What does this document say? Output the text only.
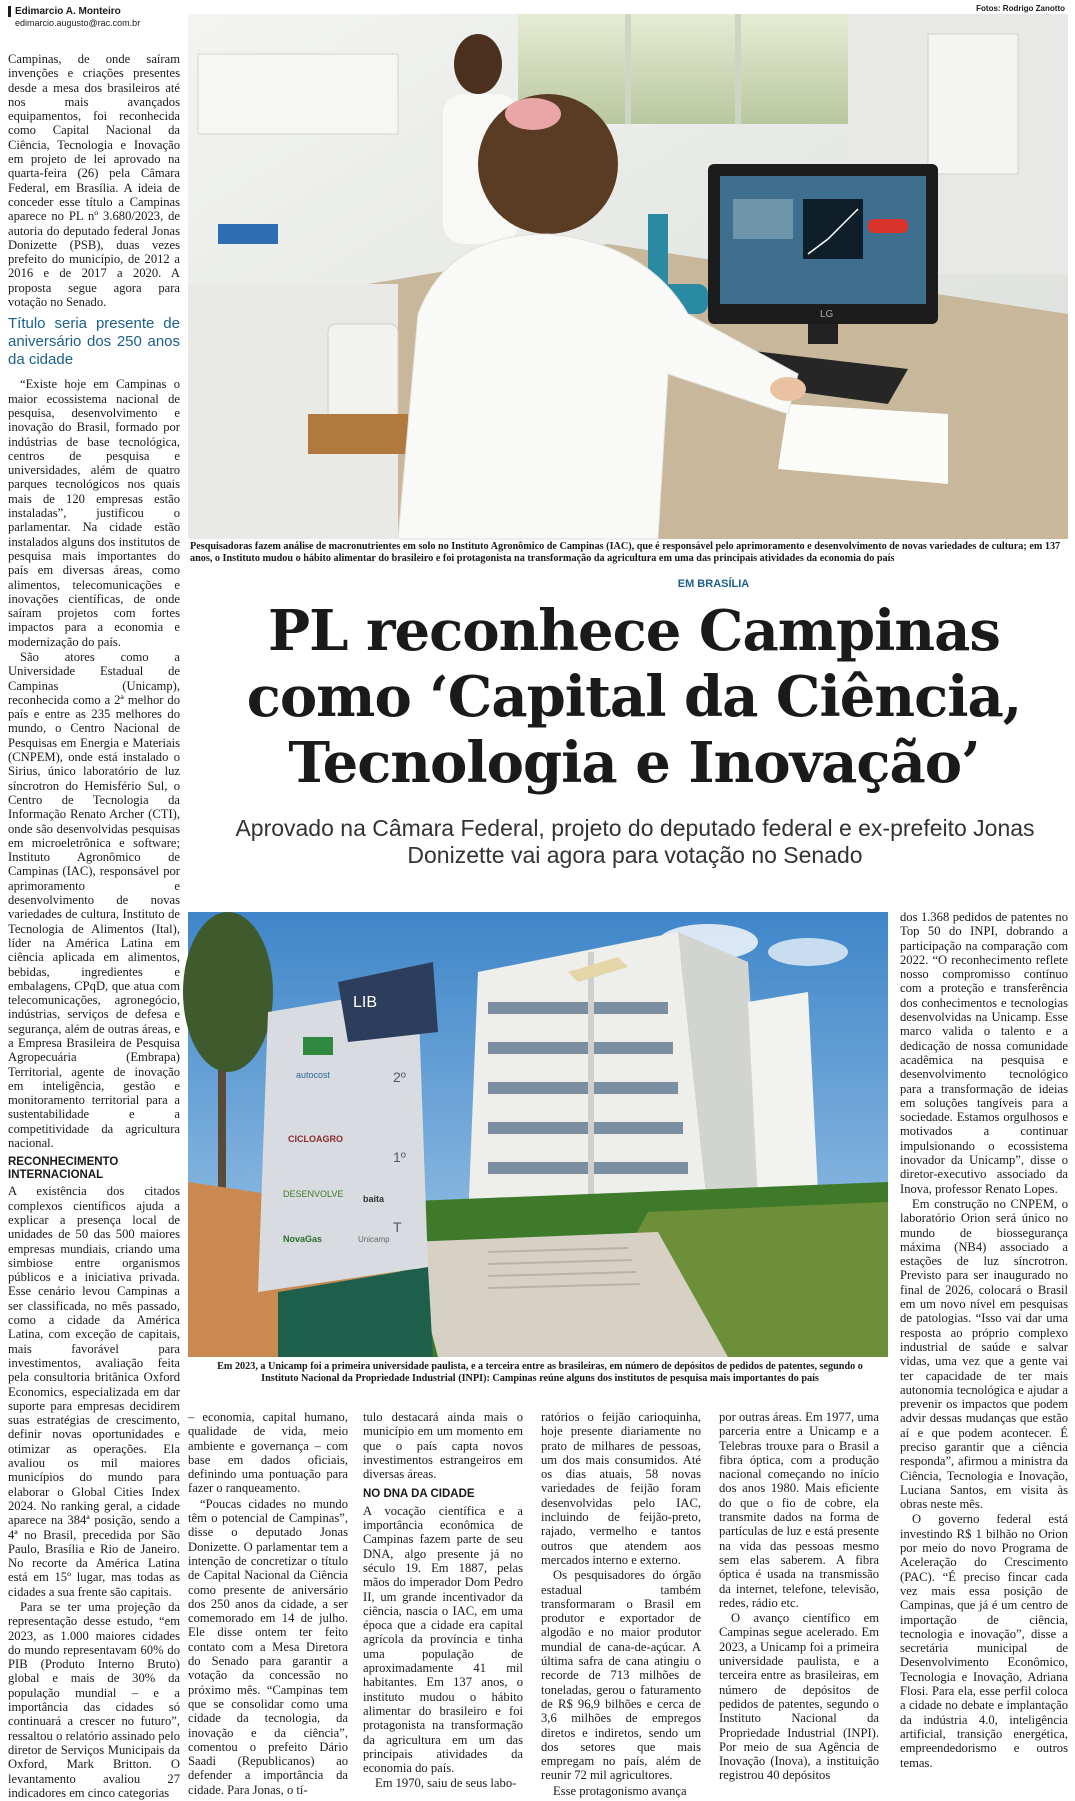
Edimarcio A. Monteiro
edimarcio.augusto@rac.com.br
Fotos: Rodrigo Zanotto

Campinas, de onde saíram invenções e criações presentes desde a mesa dos brasileiros até nos mais avançados equipamentos, foi reconhecida como Capital Nacional da Ciência, Tecnologia e Inovação em projeto de lei aprovado na quarta-feira (26) pela Câmara Federal, em Brasília. A ideia de conceder esse título a Campinas aparece no PL nº 3.680/2023, de autoria do deputado federal Jonas Donizette (PSB), duas vezes prefeito do município, de 2012 a 2016 e de 2017 a 2020. A proposta segue agora para votação no Senado.

Título seria presente de aniversário dos 250 anos da cidade

“Existe hoje em Campinas o maior ecossistema nacional de pesquisa, desenvolvimento e inovação do Brasil, formado por indústrias de base tecnológica, centros de pesquisa e universidades, além de quatro parques tecnológicos nos quais mais de 120 empresas estão instaladas”, justificou o parlamentar. Na cidade estão instalados alguns dos institutos de pesquisa mais importantes do país em diversas áreas, como alimentos, telecomunicações e inovações científicas, de onde saíram projetos com fortes impactos para a economia e modernização do país.

São atores como a Universidade Estadual de Campinas (Unicamp), reconhecida como a 2ª melhor do país e entre as 235 melhores do mundo, o Centro Nacional de Pesquisas em Energia e Materiais (CNPEM), onde está instalado o Sirius, único laboratório de luz síncrotron do Hemisfério Sul, o Centro de Tecnologia da Informação Renato Archer (CTI), onde são desenvolvidas pesquisas em microeletrônica e software; Instituto Agronômico de Campinas (IAC), responsável por aprimoramento e desenvolvimento de novas variedades de cultura, Instituto de Tecnologia de Alimentos (Ital), líder na América Latina em ciência aplicada em alimentos, bebidas, ingredientes e embalagens, CPqD, que atua com telecomunicações, agronegócio, indústrias, serviços de defesa e segurança, além de outras áreas, e a Empresa Brasileira de Pesquisa Agropecuária (Embrapa) Territorial, agente de inovação em inteligência, gestão e monitoramento territorial para a sustentabilidade e a competitividade da agricultura nacional.

RECONHECIMENTO INTERNACIONAL

A existência dos citados complexos científicos ajuda a explicar a presença local de unidades de 50 das 500 maiores empresas mundiais, criando uma simbiose entre organismos públicos e a iniciativa privada. Esse cenário levou Campinas a ser classificada, no mês passado, como a cidade da América Latina, com exceção de capitais, mais favorável para investimentos, avaliação feita pela consultoria britânica Oxford Economics, especializada em dar suporte para empresas decidirem suas estratégias de crescimento, definir novas oportunidades e otimizar as operações. Ela avaliou os mil maiores municípios do mundo para elaborar o Global Cities Index 2024. No ranking geral, a cidade aparece na 384ª posição, sendo a 4ª no Brasil, precedida por São Paulo, Brasília e Rio de Janeiro. No recorte da América Latina está em 15º lugar, mas todas as cidades a sua frente são capitais.

Para se ter uma projeção da representação desse estudo, “em 2023, as 1.000 maiores cidades do mundo representavam 60% do PIB (Produto Interno Bruto) global e mais de 30% da população mundial – e a importância das cidades só continuará a crescer no futuro”, ressaltou o relatório assinado pelo diretor de Serviços Municipais da Oxford, Mark Britton. O levantamento avaliou 27 indicadores em cinco categorias

LG
Pesquisadoras fazem análise de macronutrientes em solo no Instituto Agronômico de Campinas (IAC), que é responsável pelo aprimoramento e desenvolvimento de novas variedades de cultura; em 137 anos, o Instituto mudou o hábito alimentar do brasileiro e foi protagonista na transformação da agricultura em uma das principais atividades da economia do país
EM BRASÍLIA
PL reconhece Campinas como ‘Capital da Ciência, Tecnologia e Inovação’
Aprovado na Câmara Federal, projeto do deputado federal e ex-prefeito Jonas Donizette vai agora para votação no Senado
LIB
2º
1º
T
autocost
CICLOAGRO
DESENVOLVE baita
NovaGas	Unicamp
Em 2023, a Unicamp foi a primeira universidade paulista, e a terceira entre as brasileiras, em número de depósitos de pedidos de patentes, segundo o Instituto Nacional da Propriedade Industrial (INPI): Campinas reúne alguns dos institutos de pesquisa mais importantes do país

dos 1.368 pedidos de patentes no Top 50 do INPI, dobrando a participação na comparação com 2022. “O reconhecimento reflete nosso compromisso contínuo com a proteção e transferência dos conhecimentos e tecnologias desenvolvidas na Unicamp. Esse marco valida o talento e a dedicação de nossa comunidade acadêmica na pesquisa e desenvolvimento tecnológico para a transformação de ideias em soluções tangíveis para a sociedade. Estamos orgulhosos e motivados a continuar impulsionando o ecossistema inovador da Unicamp”, disse o diretor-executivo associado da Inova, professor Renato Lopes.

Em construção no CNPEM, o laboratório Orion será único no mundo de biossegurança máxima (NB4) associado a estações de luz síncrotron. Previsto para ser inaugurado no final de 2026, colocará o Brasil em um novo nível em pesquisas de patologias. “Isso vai dar uma resposta ao próprio complexo industrial de saúde e salvar vidas, uma vez que a gente vai ter capacidade de ter mais autonomia tecnológica e ajudar a prevenir os impactos que podem advir dessas mudanças que estão aí e que podem acontecer. É preciso garantir que a ciência responda”, afirmou a ministra da Ciência, Tecnologia e Inovação, Luciana Santos, em visita às obras neste mês.

O governo federal está investindo R$ 1 bilhão no Orion por meio do novo Programa de Aceleração do Crescimento (PAC). “É preciso fincar cada vez mais essa posição de Campinas, que já é um centro de importação de ciência, tecnologia e inovação”, disse a secretária municipal de Desenvolvimento Econômico, Tecnologia e Inovação, Adriana Flosi. Para ela, esse perfil coloca a cidade no debate e implantação da indústria 4.0, inteligência artificial, transição energética, empreendedorismo e outros temas.

– economia, capital humano, qualidade de vida, meio ambiente e governança – com base em dados oficiais, definindo uma pontuação para fazer o ranqueamento.

“Poucas cidades no mundo têm o potencial de Campinas”, disse o deputado Jonas Donizette. O parlamentar tem a intenção de concretizar o título de Capital Nacional da Ciência como presente de aniversário dos 250 anos da cidade, a ser comemorado em 14 de julho. Ele disse ontem ter feito contato com a Mesa Diretora do Senado para garantir a votação da concessão no próximo mês. “Campinas tem que se consolidar como uma cidade da tecnologia, da inovação e da ciência”, comentou o prefeito Dário Saadi (Republicanos) ao defender a importância da cidade. Para Jonas, o tí-

tulo destacará ainda mais o município em um momento em que o país capta novos investimentos estrangeiros em diversas áreas.

NO DNA DA CIDADE

A vocação científica e a importância econômica de Campinas fazem parte de seu DNA, algo presente já no século 19. Em 1887, pelas mãos do imperador Dom Pedro II, um grande incentivador da ciência, nascia o IAC, em uma época que a cidade era capital agrícola da província e tinha uma população de aproximadamente 41 mil habitantes. Em 137 anos, o instituto mudou o hábito alimentar do brasileiro e foi protagonista na transformação da agricultura em um das principais atividades da economia do país.

Em 1970, saiu de seus labo-

ratórios o feijão carioquinha, hoje presente diariamente no prato de milhares de pessoas, um dos mais consumidos. Até os dias atuais, 58 novas variedades de feijão foram desenvolvidas pelo IAC, incluindo de feijão-preto, rajado, vermelho e tantos outros que atendem aos mercados interno e externo.

Os pesquisadores do órgão estadual também transformaram o Brasil em produtor e exportador de algodão e no maior produtor mundial de cana-de-açúcar. A última safra de cana atingiu o recorde de 713 milhões de toneladas, gerou o faturamento de R$ 96,9 bilhões e cerca de 3,6 milhões de empregos diretos e indiretos, sendo um dos setores que mais empregam no país, além de reunir 72 mil agricultores.

Esse protagonismo avança

por outras áreas. Em 1977, uma parceria entre a Unicamp e a Telebras trouxe para o Brasil a fibra óptica, com a produção nacional começando no início dos anos 1980. Mais eficiente do que o fio de cobre, ela transmite dados na forma de partículas de luz e está presente na vida das pessoas mesmo sem elas saberem. A fibra óptica é usada na transmissão da internet, telefone, televisão, redes, rádio etc.

O avanço científico em Campinas segue acelerado. Em 2023, a Unicamp foi a primeira universidade paulista, e a terceira entre as brasileiras, em número de depósitos de pedidos de patentes, segundo o Instituto Nacional da Propriedade Industrial (INPI). Por meio de sua Agência de Inovação (Inova), a instituição registrou 40 depósitos
